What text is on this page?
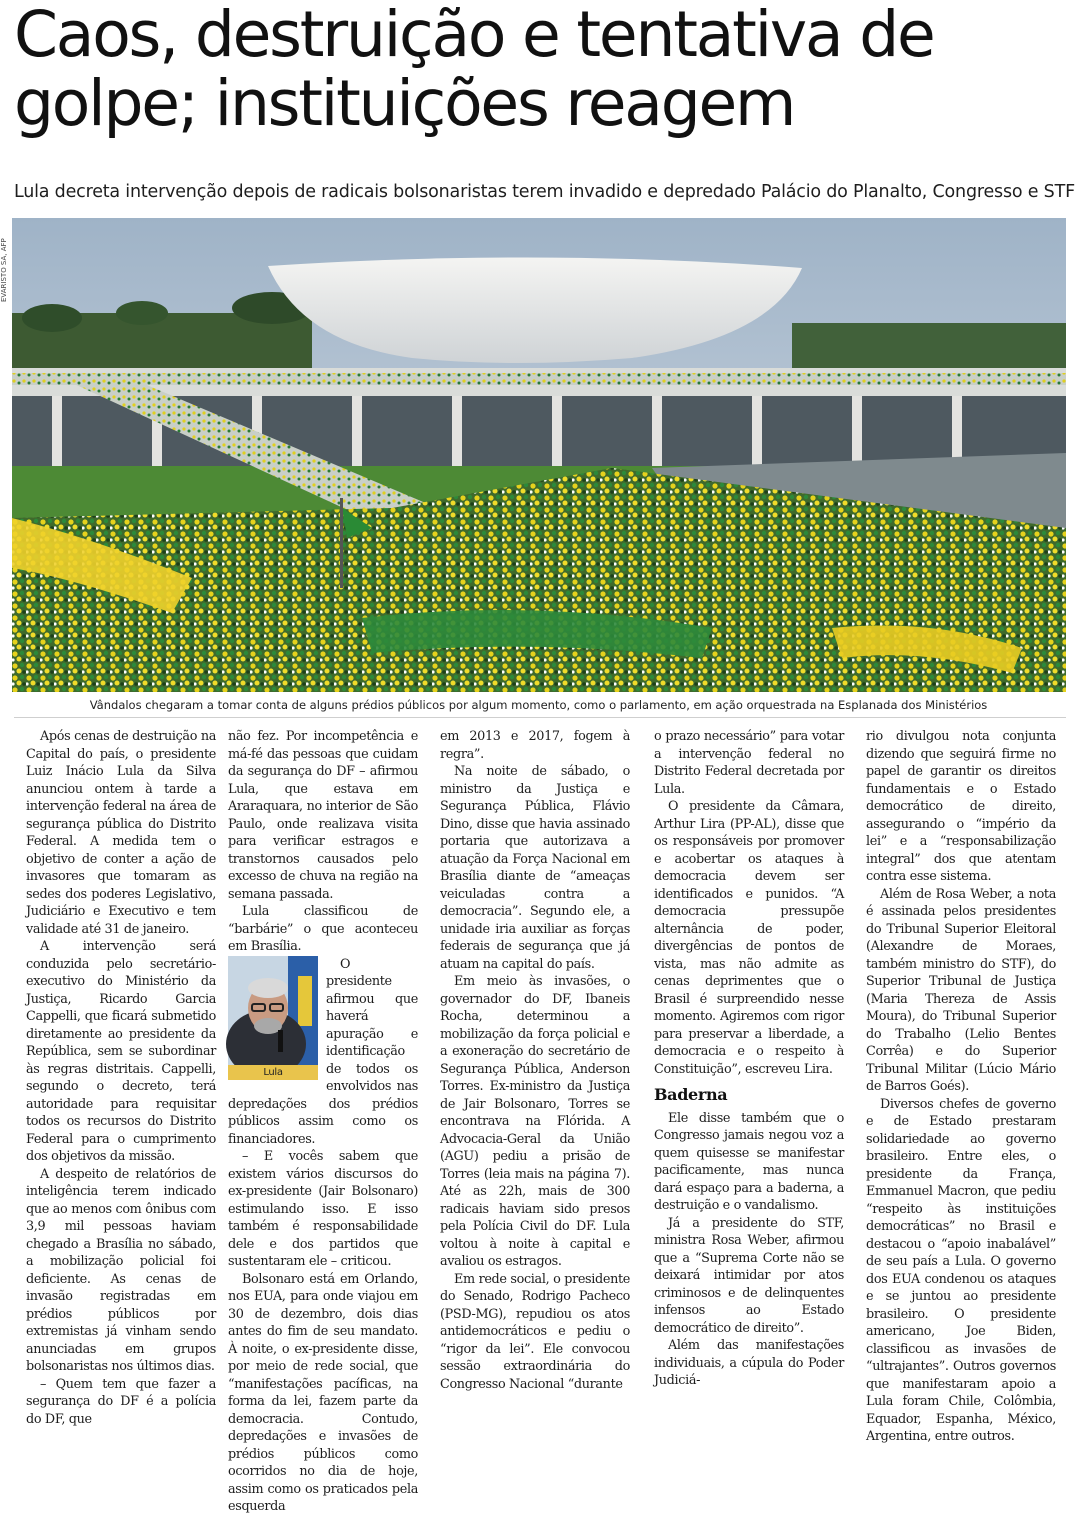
Caos, destruição e tentativa de golpe; instituições reagem

Lula decreta intervenção depois de radicais bolsonaristas terem invadido e depredado Palácio do Planalto, Congresso e STF

EVARISTO SA, AFP

Vândalos chegaram a tomar conta de alguns prédios públicos por algum momento, como o parlamento, em ação orquestrada na Esplanada dos Ministérios

Após cenas de destruição na Capital do país, o presidente Luiz Inácio Lula da Silva anunciou ontem à tarde a intervenção federal na área de segurança pública do Distrito Federal. A medida tem o objetivo de conter a ação de invasores que tomaram as sedes dos poderes Legislativo, Judiciário e Executivo e tem validade até 31 de janeiro.

A intervenção será conduzida pelo secretário-executivo do Ministério da Justiça, Ricardo Garcia Cappelli, que ficará submetido diretamente ao presidente da República, sem se subordinar às regras distritais. Cappelli, segundo o decreto, terá autoridade para requisitar todos os recursos do Distrito Federal para o cumprimento dos objetivos da missão.

A despeito de relatórios de inteligência terem indicado que ao menos com ônibus com 3,9 mil pessoas haviam chegado a Brasília no sábado, a mobilização policial foi deficiente. As cenas de invasão registradas em prédios públicos por extremistas já vinham sendo anunciadas em grupos bolsonaristas nos últimos dias.

– Quem tem que fazer a segurança do DF é a polícia do DF, que

não fez. Por incompetência e má-fé das pessoas que cuidam da segurança do DF – afirmou Lula, que estava em Araraquara, no interior de São Paulo, onde realizava visita para verificar estragos e transtornos causados pelo excesso de chuva na região na semana passada.

Lula classificou de “barbárie” o que aconteceu em Brasília.

Lula

O presidente afirmou que haverá apuração e identificação de todos os envolvidos nas depredações dos prédios públicos assim como os financiadores.

– E vocês sabem que existem vários discursos do ex-presidente (Jair Bolsonaro) estimulando isso. E isso também é responsabilidade dele e dos partidos que sustentaram ele – criticou.

Bolsonaro está em Orlando, nos EUA, para onde viajou em 30 de dezembro, dois dias antes do fim de seu mandato. À noite, o ex-presidente disse, por meio de rede social, que “manifestações pacíficas, na forma da lei, fazem parte da democracia. Contudo, depredações e invasões de prédios públicos como ocorridos no dia de hoje, assim como os praticados pela esquerda

em 2013 e 2017, fogem à regra”.

Na noite de sábado, o ministro da Justiça e Segurança Pública, Flávio Dino, disse que havia assinado portaria que autorizava a atuação da Força Nacional em Brasília diante de “ameaças veiculadas contra a democracia”. Segundo ele, a unidade iria auxiliar as forças federais de segurança que já atuam na capital do país.

Em meio às invasões, o governador do DF, Ibaneis Rocha, determinou a mobilização da força policial e a exoneração do secretário de Segurança Pública, Anderson Torres. Ex-ministro da Justiça de Jair Bolsonaro, Torres se encontrava na Flórida. A Advocacia-Geral da União (AGU) pediu a prisão de Torres (leia mais na página 7). Até as 22h, mais de 300 radicais haviam sido presos pela Polícia Civil do DF. Lula voltou à noite à capital e avaliou os estragos.

Em rede social, o presidente do Senado, Rodrigo Pacheco (PSD-MG), repudiou os atos antidemocráticos e pediu o “rigor da lei”. Ele convocou sessão extraordinária do Congresso Nacional “durante

o prazo necessário” para votar a intervenção federal no Distrito Federal decretada por Lula.

O presidente da Câmara, Arthur Lira (PP-AL), disse que os responsáveis por promover e acobertar os ataques à democracia devem ser identificados e punidos. “A democracia pressupõe alternância de poder, divergências de pontos de vista, mas não admite as cenas deprimentes que o Brasil é surpreendido nesse momento. Agiremos com rigor para preservar a liberdade, a democracia e o respeito à Constituição”, escreveu Lira.

Baderna

Ele disse também que o Congresso jamais negou voz a quem quisesse se manifestar pacificamente, mas nunca dará espaço para a baderna, a destruição e o vandalismo.

Já a presidente do STF, ministra Rosa Weber, afirmou que a “Suprema Corte não se deixará intimidar por atos criminosos e de delinquentes infensos ao Estado democrático de direito”.

Além das manifestações individuais, a cúpula do Poder Judiciá-

rio divulgou nota conjunta dizendo que seguirá firme no papel de garantir os direitos fundamentais e o Estado democrático de direito, assegurando o “império da lei” e a “responsabilização integral” dos que atentam contra esse sistema.

Além de Rosa Weber, a nota é assinada pelos presidentes do Tribunal Superior Eleitoral (Alexandre de Moraes, também ministro do STF), do Superior Tribunal de Justiça (Maria Thereza de Assis Moura), do Tribunal Superior do Trabalho (Lelio Bentes Corrêa) e do Superior Tribunal Militar (Lúcio Mário de Barros Goés).

Diversos chefes de governo e de Estado prestaram solidariedade ao governo brasileiro. Entre eles, o presidente da França, Emmanuel Macron, que pediu “respeito às instituições democráticas” no Brasil e destacou o “apoio inabalável” de seu país a Lula. O governo dos EUA condenou os ataques e se juntou ao presidente brasileiro. O presidente americano, Joe Biden, classificou as invasões de “ultrajantes”. Outros governos que manifestaram apoio a Lula foram Chile, Colômbia, Equador, Espanha, México, Argentina, entre outros.
